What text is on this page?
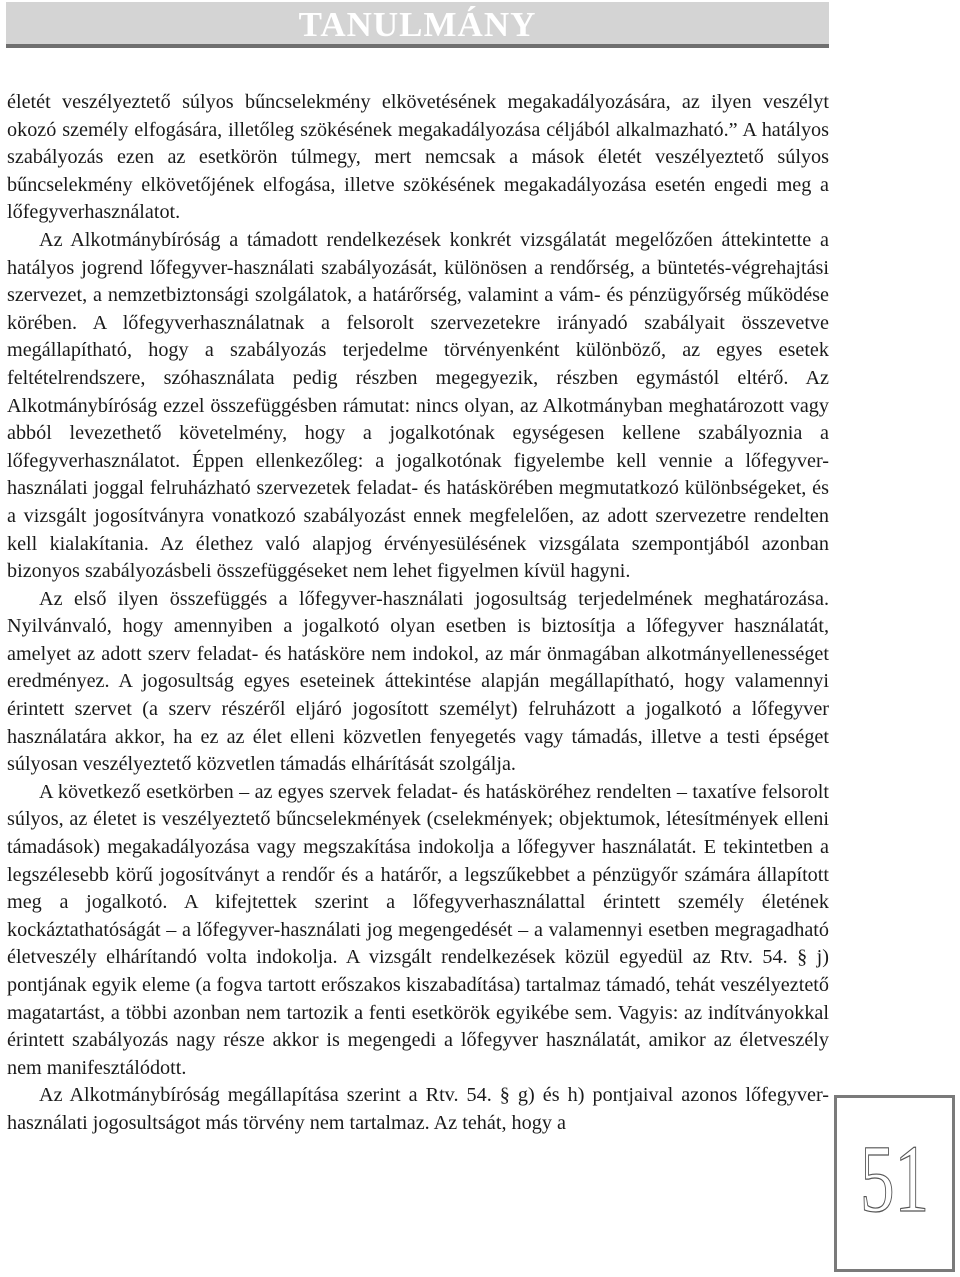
TANULMÁNY

életét veszélyeztető súlyos bűncselekmény elkövetésének megakadályozására, az ilyen veszélyt okozó személy elfogására, illetőleg szökésének megakadályozása céljából alkalmazható.” A hatályos szabályozás ezen az esetkörön túlmegy, mert nemcsak a mások életét veszélyeztető súlyos bűncselekmény elkövetőjének elfogása, illetve szökésének megakadályozása esetén engedi meg a lőfegyverhasználatot.

Az Alkotmánybíróság a támadott rendelkezések konkrét vizsgálatát megelőzően áttekintette a hatályos jogrend lőfegyver-használati szabályozását, különösen a rendőrség, a büntetés-végrehajtási szervezet, a nemzetbiztonsági szolgálatok, a határőrség, valamint a vám- és pénzügyőrség működése körében. A lőfegyverhasználatnak a felsorolt szervezetekre irányadó szabályait összevetve megállapítható, hogy a szabályozás terjedelme törvényenként különböző, az egyes esetek feltételrendszere, szóhasználata pedig részben megegyezik, részben egymástól eltérő. Az Alkotmánybíróság ezzel összefüggésben rámutat: nincs olyan, az Alkotmányban meghatározott vagy abból levezethető követelmény, hogy a jogalkotónak egységesen kellene szabályoznia a lőfegyverhasználatot. Éppen ellenkezőleg: a jogalkotónak figyelembe kell vennie a lőfegyver-használati joggal felruházható szervezetek feladat- és hatáskörében megmutatkozó különbségeket, és a vizsgált jogosítványra vonatkozó szabályozást ennek megfelelően, az adott szervezetre rendelten kell kialakítania. Az élethez való alapjog érvényesülésének vizsgálata szempontjából azonban bizonyos szabályozásbeli összefüggéseket nem lehet figyelmen kívül hagyni.

Az első ilyen összefüggés a lőfegyver-használati jogosultság terjedelmének meghatározása. Nyilvánvaló, hogy amennyiben a jogalkotó olyan esetben is biztosítja a lőfegyver használatát, amelyet az adott szerv feladat- és hatásköre nem indokol, az már önmagában alkotmányellenességet eredményez. A jogosultság egyes eseteinek áttekintése alapján megállapítható, hogy valamennyi érintett szervet (a szerv részéről eljáró jogosított személyt) felruházott a jogalkotó a lőfegyver használatára akkor, ha ez az élet elleni közvetlen fenyegetés vagy támadás, illetve a testi épséget súlyosan veszélyeztető közvetlen támadás elhárítását szolgálja.

A következő esetkörben – az egyes szervek feladat- és hatásköréhez rendelten – taxatíve felsorolt súlyos, az életet is veszélyeztető bűncselekmények (cselekmények; objektumok, létesítmények elleni támadások) megakadályozása vagy megszakítása indokolja a lőfegyver használatát. E tekintetben a legszélesebb körű jogosítványt a rendőr és a határőr, a legszűkebbet a pénzügyőr számára állapított meg a jogalkotó. A kifejtettek szerint a lőfegyverhasználattal érintett személy életének kockáztathatóságát – a lőfegyver-használati jog megengedését – a valamennyi esetben megragadható életveszély elhárítandó volta indokolja. A vizsgált rendelkezések közül egyedül az Rtv. 54. § j) pontjának egyik eleme (a fogva tartott erőszakos kiszabadítása) tartalmaz támadó, tehát veszélyeztető magatartást, a többi azonban nem tartozik a fenti esetkörök egyikébe sem. Vagyis: az indítványokkal érintett szabályozás nagy része akkor is megengedi a lőfegyver használatát, amikor az életveszély nem manifesztálódott.

Az Alkotmánybíróság megállapítása szerint a Rtv. 54. § g) és h) pontjaival azonos lőfegyver-használati jogosultságot más törvény nem tartalmaz. Az tehát, hogy a

51
